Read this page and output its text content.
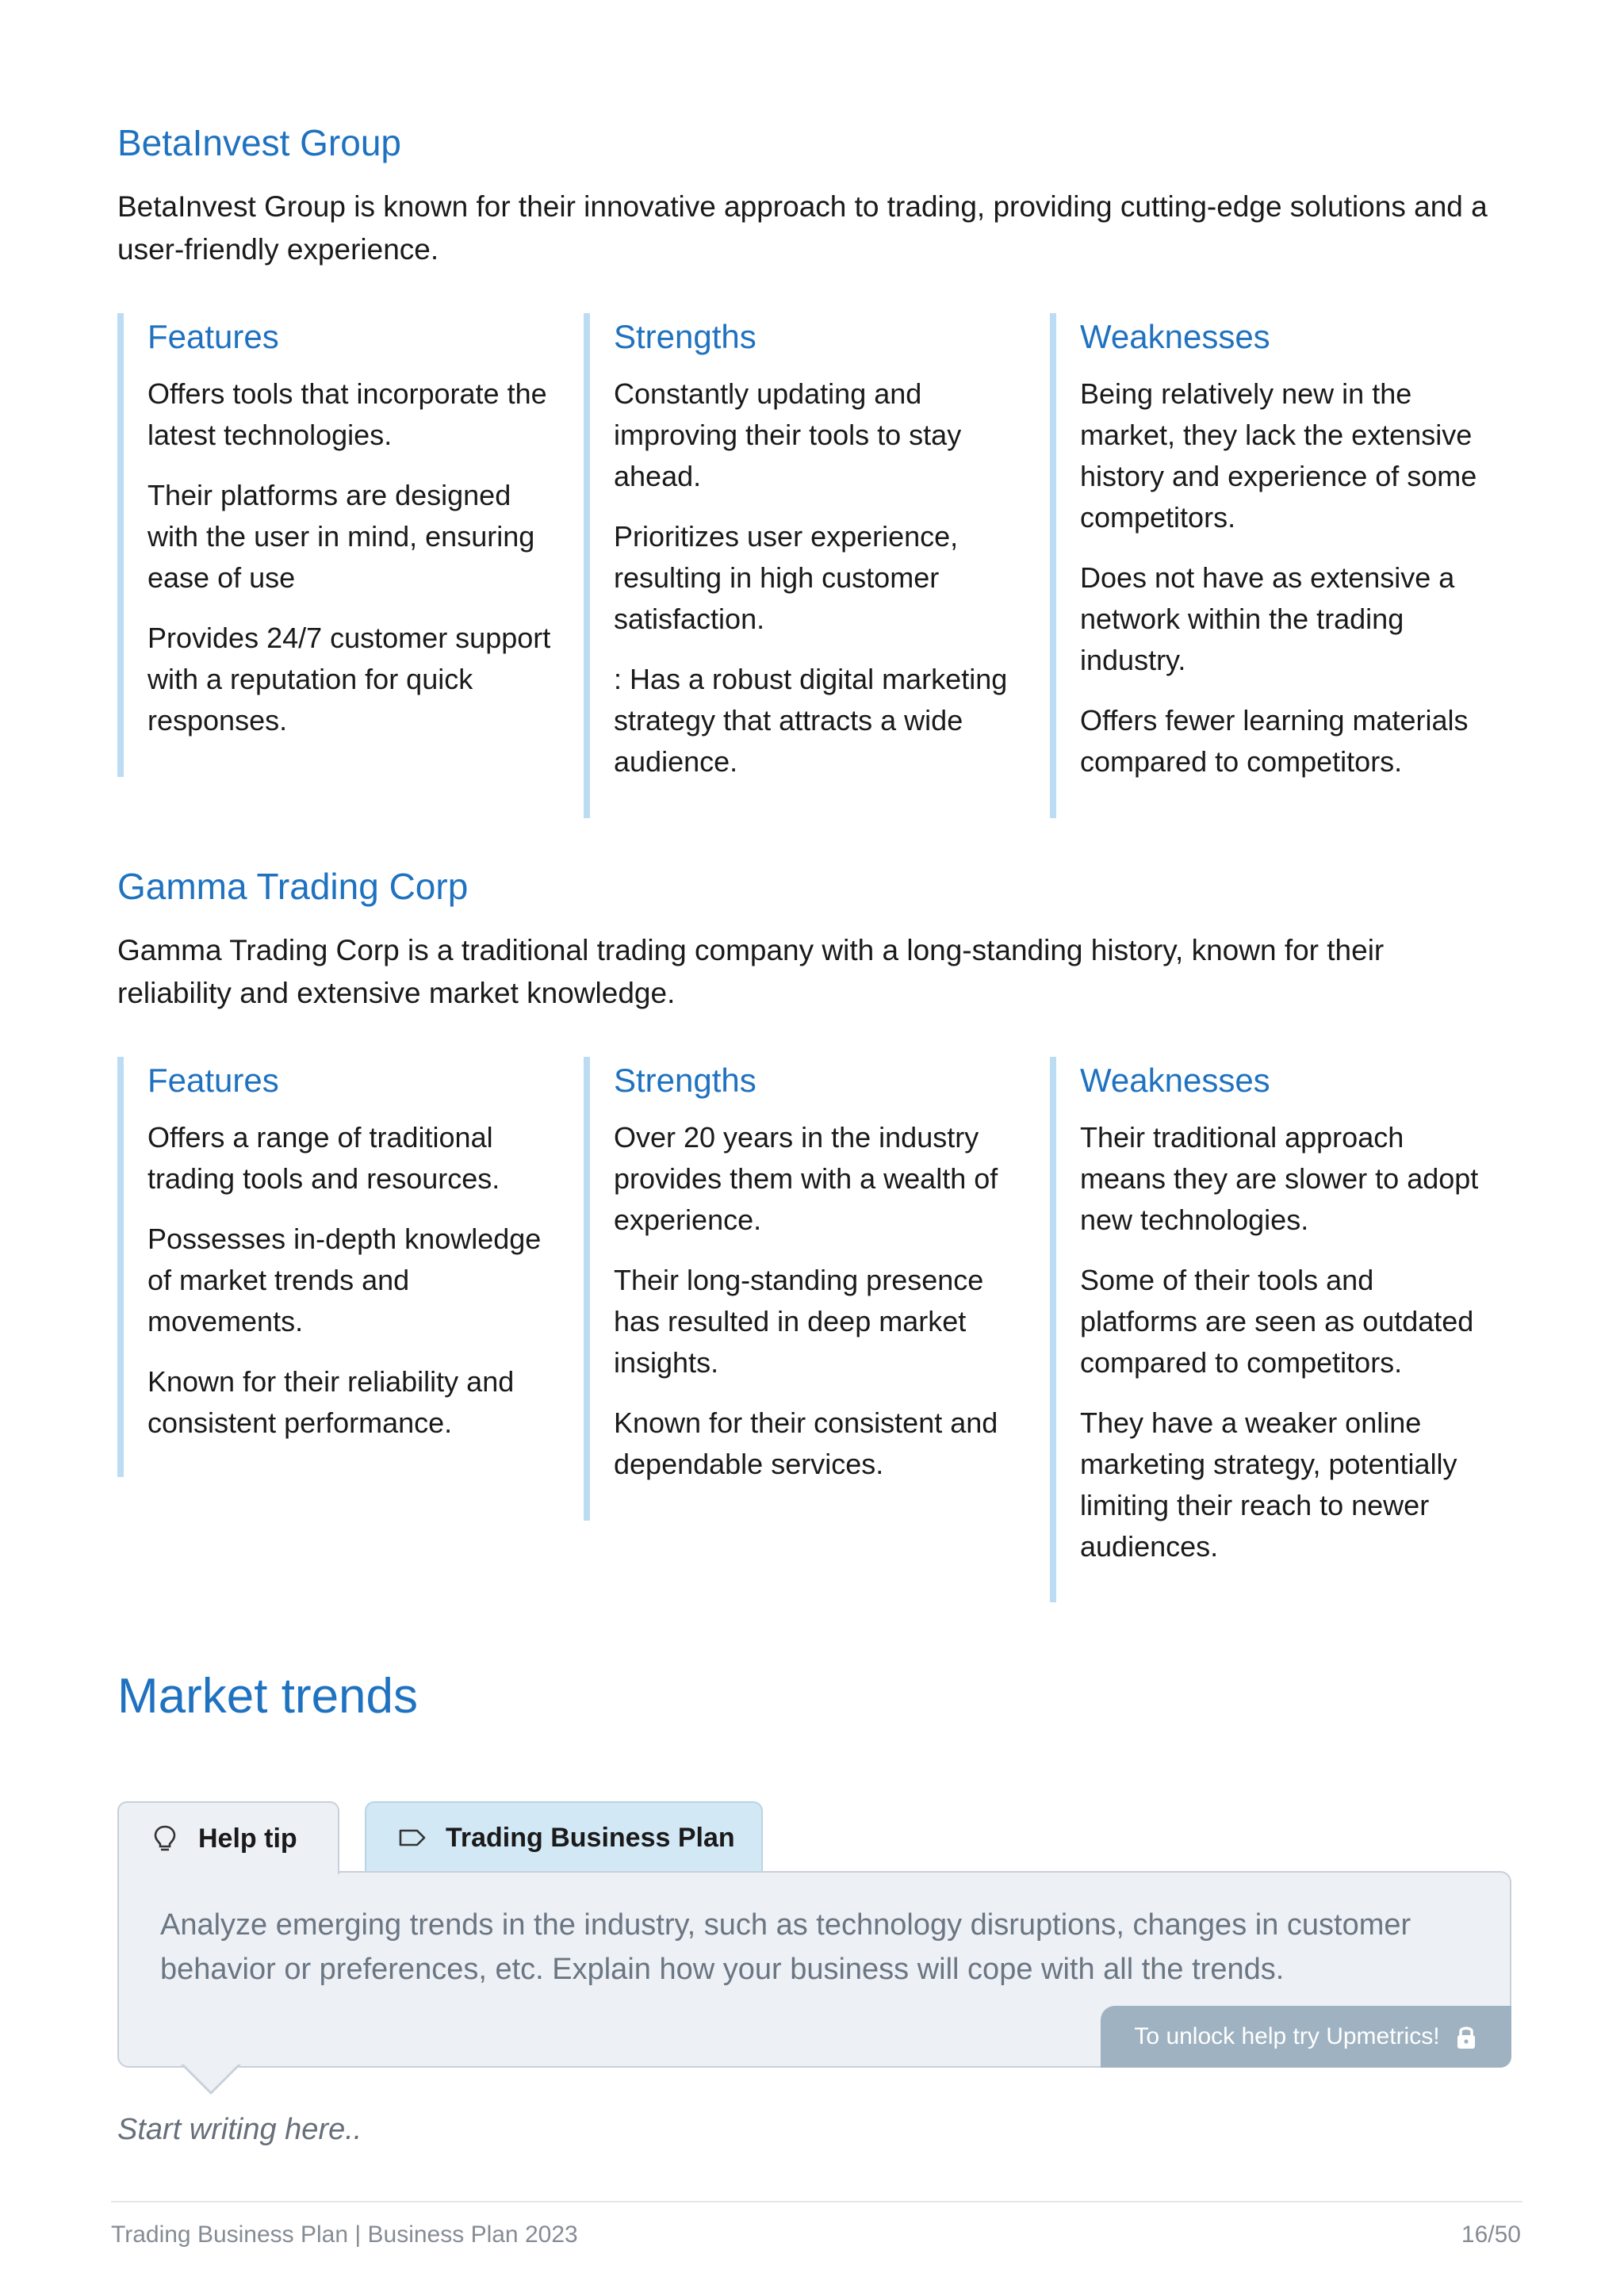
BetaInvest Group

BetaInvest Group is known for their innovative approach to trading, providing cutting-edge solutions and a user-friendly experience.

Features

Offers tools that incorporate the latest technologies.

Their platforms are designed with the user in mind, ensuring ease of use

Provides 24/7 customer support with a reputation for quick responses.

Strengths

Constantly updating and improving their tools to stay ahead.

Prioritizes user experience, resulting in high customer satisfaction.

: Has a robust digital marketing strategy that attracts a wide audience.

Weaknesses

Being relatively new in the market, they lack the extensive history and experience of some competitors.

Does not have as extensive a network within the trading industry.

Offers fewer learning materials compared to competitors.

Gamma Trading Corp

Gamma Trading Corp is a traditional trading company with a long-standing history, known for their reliability and extensive market knowledge.

Features

Offers a range of traditional trading tools and resources.

Possesses in-depth knowledge of market trends and movements.

Known for their reliability and consistent performance.

Strengths

Over 20 years in the industry provides them with a wealth of experience.

Their long-standing presence has resulted in deep market insights.

Known for their consistent and dependable services.

Weaknesses

Their traditional approach means they are slower to adopt new technologies.

Some of their tools and platforms are seen as outdated compared to competitors.

They have a weaker online marketing strategy, potentially limiting their reach to newer audiences.

Market trends
Help tip	Trading Business Plan

Analyze emerging trends in the industry, such as technology disruptions, changes in customer behavior or preferences, etc. Explain how your business will cope with all the trends.

To unlock help try Upmetrics!

Start writing here..

Trading Business Plan | Business Plan 2023	16/50
